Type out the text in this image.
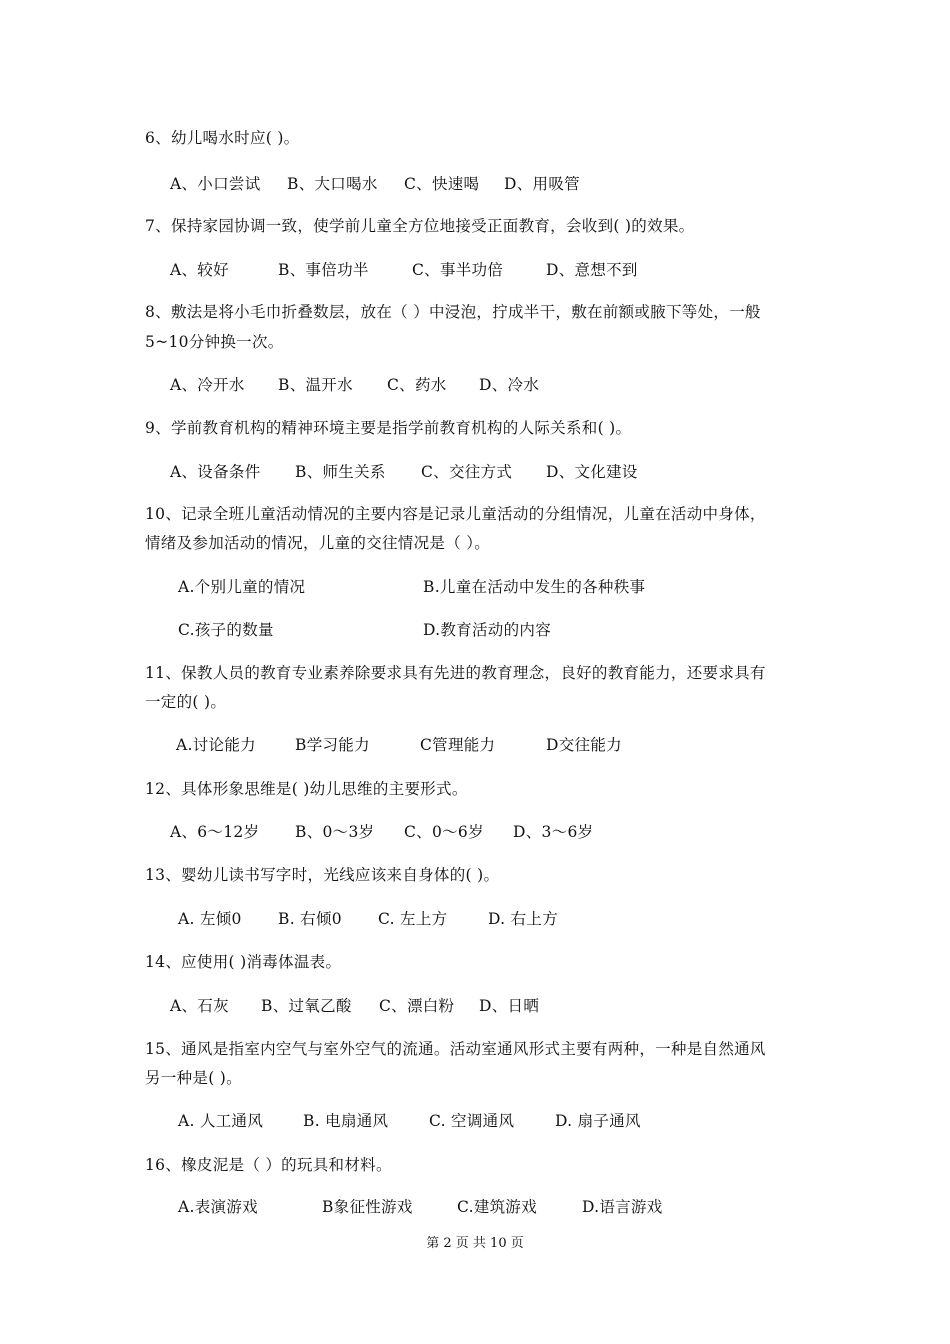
6、幼儿喝水时应( )。
A、小口尝试 B、大口喝水 C、快速喝 D、用吸管
7、保持家园协调一致，使学前儿童全方位地接受正面教育，会收到( )的效果。
A、较好	B、事倍功半	C、事半功倍	D、意想不到
8、敷法是将小毛巾折叠数层，放在（ ）中浸泡，拧成半干，敷在前额或腋下等处，一般
5~10分钟换一次。
A、冷开水 B、温开水 C、药水 D、冷水
9、学前教育机构的精神环境主要是指学前教育机构的人际关系和( )。
A、设备条件 B、师生关系 C、交往方式 D、文化建设
10、记录全班儿童活动情况的主要内容是记录儿童活动的分组情况，儿童在活动中身体，
情绪及参加活动的情况，儿童的交往情况是（ ）。
A.个别儿童的情况	B.儿童在活动中发生的各种秩事
C.孩子的数量	D.教育活动的内容
11、保教人员的教育专业素养除要求具有先进的教育理念，良好的教育能力，还要求具有
一定的( )。
A.讨论能力	B学习能力	C管理能力	D交往能力
12、具体形象思维是( )幼儿思维的主要形式。
A、6～12岁 B、0～3岁 C、0～6岁 D、3～6岁
13、婴幼儿读书写字时，光线应该来自身体的( )。
A. 左倾0 B. 右倾0 C. 左上方	D. 右上方
14、应使用( )消毒体温表。
A、石灰 B、过氧乙酸 C、漂白粉 D、日晒
15、通风是指室内空气与室外空气的流通。活动室通风形式主要有两种，一种是自然通风
另一种是( )。
A. 人工通风	B. 电扇通风	C. 空调通风	D. 扇子通风
16、橡皮泥是（ ）的玩具和材料。
A.表演游戏	B象征性游戏	C.建筑游戏	D.语言游戏
第 2 页 共 10 页
